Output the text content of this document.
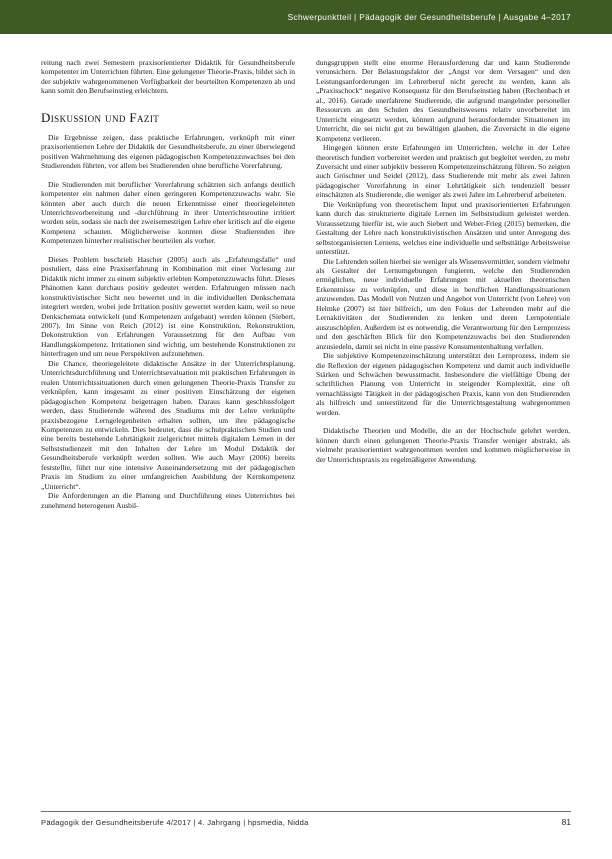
Schwerpunktteil | Pädagogik der Gesundheitsberufe | Ausgabe 4–2017

reitung nach zwei Semestern praxisorientierter Didaktik für Gesundheitsberufe kompetenter im Unterrichten führten. Eine gelungener Theorie-Praxis, bildet sich in der subjektiv wahrgenommenen Verfügbarkeit der beurteilten Kompetenzen ab und kann somit den Berufseinstieg erleichtern.

Diskussion und Fazit

Die Ergebnisse zeigen, dass praktische Erfahrungen, verknüpft mit einer praxisorientierten Lehre der Didaktik der Gesundheitsberufe, zu einer überwiegend positiven Wahrnehmung des eigenen pädagogischen Kompetenzzuwachses bei den Studierenden führten, vor allem bei Studierenden ohne berufliche Vorerfahrung.

Die Studierenden mit beruflicher Vorerfahrung schätzten sich anfangs deutlich kompetenter ein nahmen daher einen geringeren Kompetenzzuwachs wahr. Sie könnten aber auch durch die neuen Erkenntnisse einer theoriegeleiteten Unterrichtsvorbereitung und -durchführung in ihrer Unterrichtsroutine irritiert worden sein, sodass sie nach der zweisemestrigen Lehre eher kritisch auf die eigene Kompetenz schauten. Möglicherweise konnten diese Studierenden ihre Kompetenzen hinterher realistischer beurteilen als vorher.

Dieses Problem beschrieb Hascher (2005) auch als „Erfahrungsfalle“ und postuliert, dass eine Praxiserfahrung in Kombination mit einer Vorlesung zur Didaktik nicht immer zu einem subjektiv erlebten Kompetenzzuwachs führt. Dieses Phänomen kann durchaus positiv gedeutet werden. Erfahrungen müssen nach konstruktivistischer Sicht neu bewertet und in die individuellen Denkschemata integriert werden, wobei jede Irritation positiv gewertet werden kann, weil so neue Denkschemata entwickelt (und Kompetenzen aufgebaut) werden können (Siebert, 2007). Im Sinne von Reich (2012) ist eine Konstruktion, Rekonstruktion, Dekonstruktion von Erfahrungen Voraussetzung für den Aufbau von Handlungskompetenz. Irritationen sind wichtig, um bestehende Konstruktionen zu hinterfragen und um neue Perspektiven aufzunehmen.

Die Chance, theoriegeleitete didaktische Ansätze in der Unterrichtsplanung, Unterrichtsdurchführung und Unterrichtsevaluation mit praktischen Erfahrungen in realen Unterrichtssituationen durch einen gelungenen Theorie-Praxis Transfer zu verknüpfen, kann insgesamt zu einer positiven Einschätzung der eigenen pädagogischen Kompetenz beigetragen haben. Daraus kann geschlussfolgert werden, dass Studierende während des Studiums mit der Lehre verknüpfte praxisbezogene Lerngelegenheiten erhalten sollten, um ihre pädagogische Kompetenzen zu entwickeln. Dies bedeutet, dass die schulpraktischen Studien und eine bereits bestehende Lehrtätigkeit zielgerichtet mittels digitalem Lernen in der Selbststudienzeit mit den Inhalten der Lehre im Modul Didaktik der Gesundheitsberufe verknüpft werden sollten. Wie auch Mayr (2006) bereits feststellte, führt nur eine intensive Auseinandersetzung mit der pädagogischen Praxis im Studium zu einer umfangreichen Ausbildung der Kernkompetenz „Unterricht“.

Die Anforderungen an die Planung und Durchführung eines Unterrichtes bei zunehmend heterogenen Ausbil-

dungsgruppen stellt eine enorme Herausforderung dar und kann Studierende verunsichern. Der Belastungsfaktor der „Angst vor dem Versagen“ und den Leistungsanforderungen im Lehrerberuf nicht gerecht zu werden, kann als „Praxisschock“ negative Konsequenz für den Berufseinstieg haben (Rechenbach et al., 2016). Gerade unerfahrene Studierende, die aufgrund mangelnder personeller Ressourcen an den Schulen des Gesundheitswesens relativ unvorbereitet im Unterricht eingesetzt werden, können aufgrund herausfordernder Situationen im Unterricht, die sei nicht gut zu bewältigen glauben, die Zuversicht in die eigene Kompetenz verlieren.

Hingegen können erste Erfahrungen im Unterrichten, welche in der Lehre theoretisch fundiert vorbereitet werden und praktisch gut begleitet werden, zu mehr Zuversicht und einer subjektiv besseren Kompetenzeinschätzung führen. So zeigten auch Gröschner und Seidel (2012), dass Studierende mit mehr als zwei Jahren pädagogischer Vorerfahrung in einer Lehrtätigkeit sich tendenziell besser einschätzten als Studierende, die weniger als zwei Jahre im Lehrerberuf arbeiteten.

Die Verknüpfung von theoretischem Input und praxisorientierten Erfahrungen kann durch das strukturierte digitale Lernen im Selbststudium geleistet werden. Voraussetzung hierfür ist, wie auch Siebert und Weber-Frieg (2015) bemerken, die Gestaltung der Lehre nach konstruktivistischen Ansätzen und unter Anregung des selbstorganisierten Lernens, welches eine individuelle und selbsttätige Arbeitsweise unterstützt.

Die Lehrenden sollen hierbei sie weniger als Wissensvermittler, sondern vielmehr als Gestalter der Lernumgebungen fungieren, welche den Studierenden ermöglichen, neue individuelle Erfahrungen mit aktuellen theoretischen Erkenntnisse zu verknüpfen, und diese in beruflichen Handlungssituationen anzuwenden. Das Modell von Nutzen und Angebot von Unterricht (von Lehre) von Helmke (2007) ist hier hilfreich, um den Fokus der Lehrenden mehr auf die Lernaktivitäten der Studierenden zu lenken und deren Lernpotentiale auszuschöpfen. Außerdem ist es notwendig, die Verantwortung für den Lernprozess und den geschärften Blick für den Kompetenzzuwachs bei den Studierenden anzusiedeln, damit sei nicht in eine passive Konsumentenhaltung verfallen.

Die subjektive Kompetenzeinschätzung unterstützt den Lernprozess, indem sie die Reflexion der eigenen pädagogischen Kompetenz und damit auch individuelle Stärken und Schwächen bewusstmacht. Insbesondere die vielfältige Übung der schriftlichen Planung von Unterricht in steigender Komplexität, eine oft vernachlässigte Tätigkeit in der pädagogischen Praxis, kann von den Studierenden als hilfreich und unterstützend für die Unterrichtsgestaltung wahrgenommen werden.

Didaktische Theorien und Modelle, die an der Hochschule gelehrt werden, können durch einen gelungenen Theorie-Praxis Transfer weniger abstrakt, als vielmehr praxisorientiert wahrgenommen werden und kommen möglicherweise in der Unterrichtspraxis zu regelmäßigerer Anwendung.

Pädagogik der Gesundheitsberufe 4/2017 | 4. Jahrgang | hpsmedia, Nidda	81
